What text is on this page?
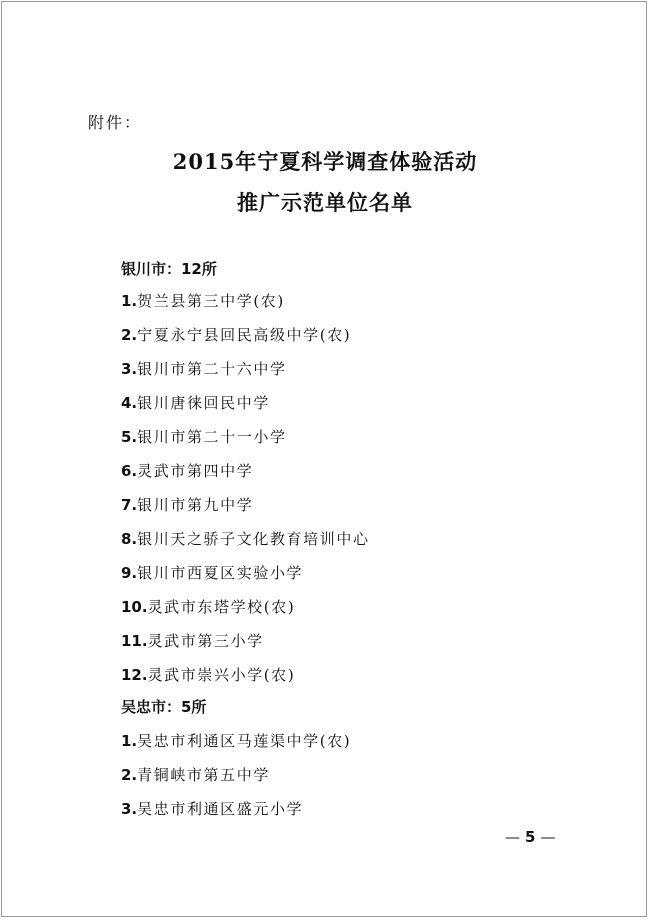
附件：
2015年宁夏科学调查体验活动
推广示范单位名单
银川市：12所
1.贺兰县第三中学(农)
2.宁夏永宁县回民高级中学(农)
3.银川市第二十六中学
4.银川唐徕回民中学
5.银川市第二十一小学
6.灵武市第四中学
7.银川市第九中学
8.银川天之骄子文化教育培训中心
9.银川市西夏区实验小学
10.灵武市东塔学校(农)
11.灵武市第三小学
12.灵武市崇兴小学(农)
吴忠市：5所
1.吴忠市利通区马莲渠中学(农)
2.青铜峡市第五中学
3.吴忠市利通区盛元小学
— 5 —
